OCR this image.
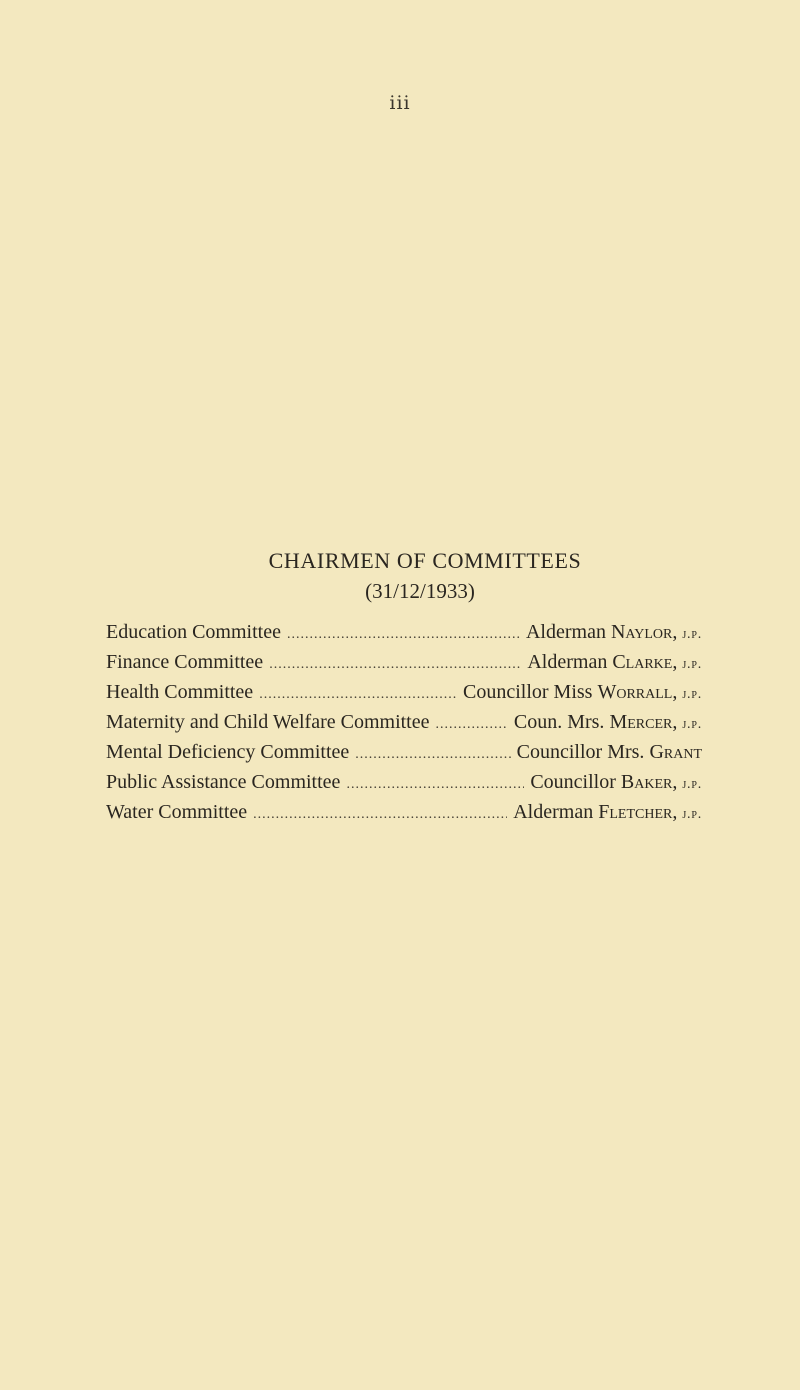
iii
CHAIRMEN OF COMMITTEES
(31/12/1933)
Education Committee .....	Alderman Naylor, j.p.
Finance Committee .....	Alderman Clarke, j.p.
Health Committee .....	Councillor Miss Worrall, j.p.
Maternity and Child Welfare Committee .....	Coun. Mrs. Mercer, j.p.
Mental Deficiency Committee .....	Councillor Mrs. Grant
Public Assistance Committee .....	Councillor Baker, j.p.
Water Committee .....	Alderman Fletcher, j.p.
